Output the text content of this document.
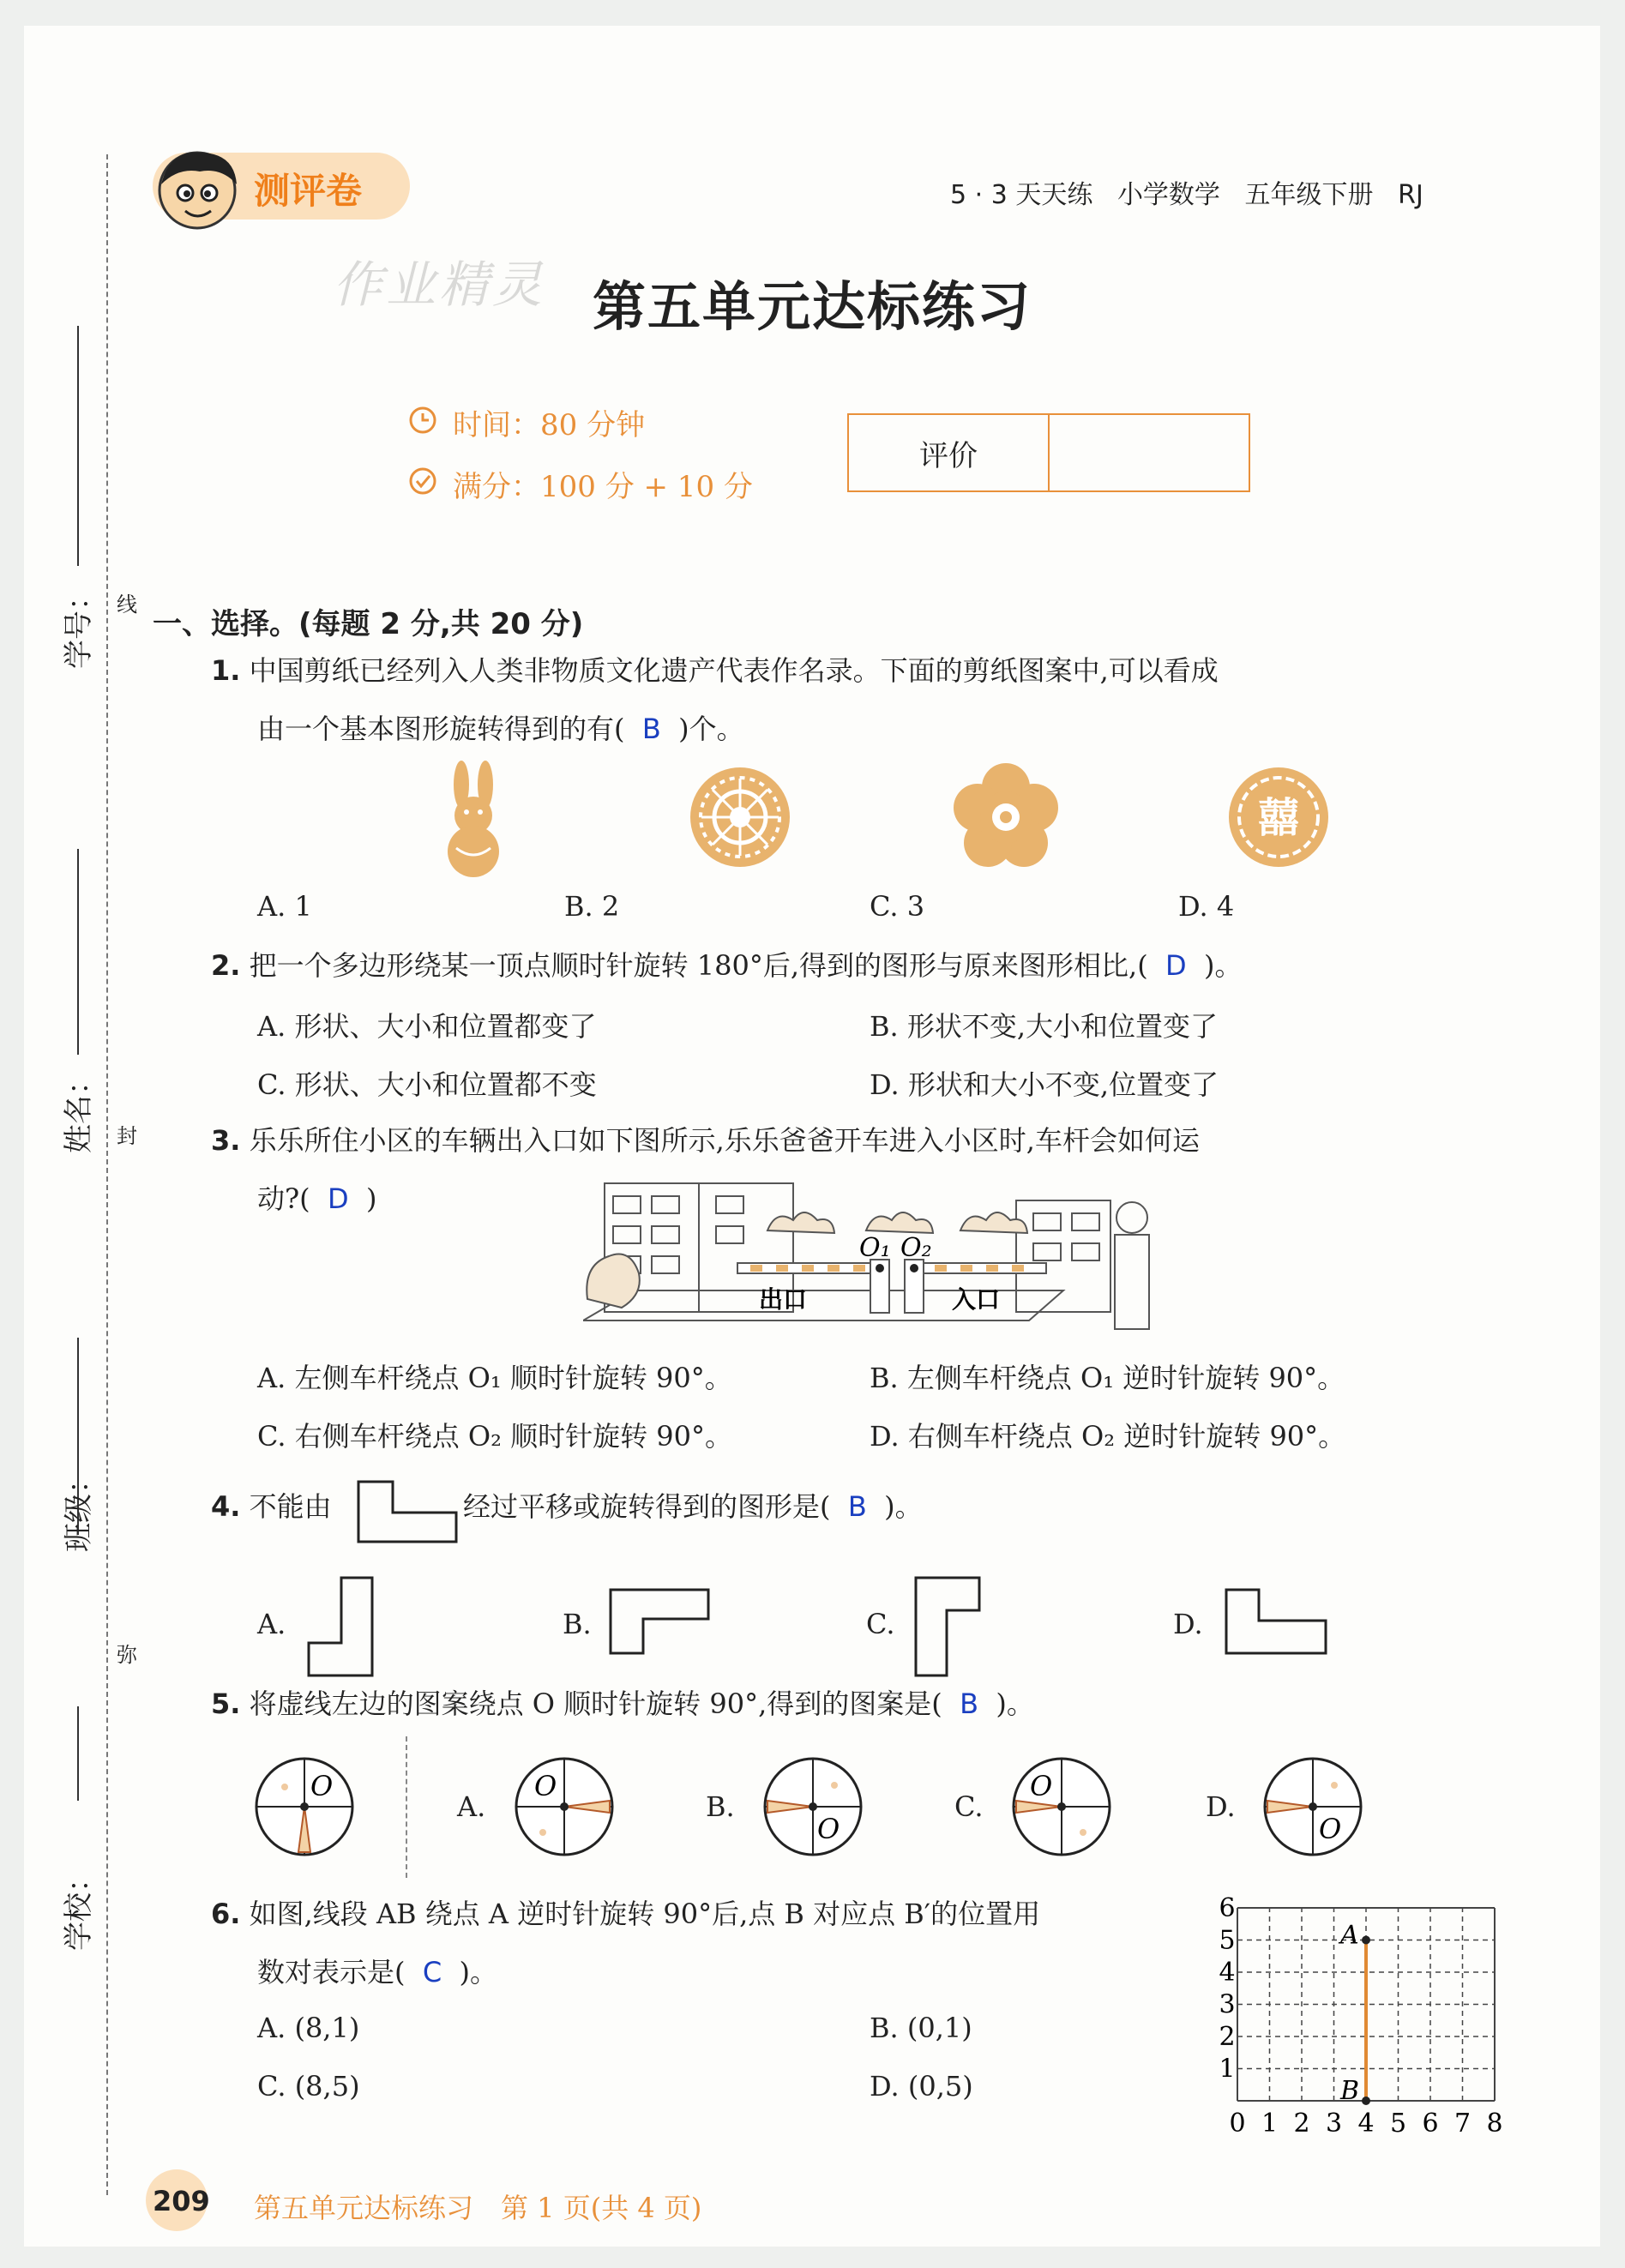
线
封
弥
学号：
姓名：
班级：
学校：
测评卷
作业精灵
5 · 3 天天练 小学数学 五年级下册 RJ
第五单元达标练习
时间：80 分钟
满分：100 分 + 10 分
评价
一、选择。(每题 2 分,共 20 分)
1. 中国剪纸已经列入人类非物质文化遗产代表作名录。下面的剪纸图案中,可以看成
由一个基本图形旋转得到的有( B )个。
囍
A. 1	B. 2	C. 3	D. 4
2. 把一个多边形绕某一顶点顺时针旋转 180°后,得到的图形与原来图形相比,( D )。
A. 形状、大小和位置都变了	B. 形状不变,大小和位置变了
C. 形状、大小和位置都不变	D. 形状和大小不变,位置变了
3. 乐乐所住小区的车辆出入口如下图所示,乐乐爸爸开车进入小区时,车杆会如何运
动?( D )
O₁ O₂
出口	入口
A. 左侧车杆绕点 O₁ 顺时针旋转 90°。	B. 左侧车杆绕点 O₁ 逆时针旋转 90°。
C. 右侧车杆绕点 O₂ 顺时针旋转 90°。	D. 右侧车杆绕点 O₂ 逆时针旋转 90°。
4. 不能由	经过平移或旋转得到的图形是( B )。
A.	B.	C.	D.
5. 将虚线左边的图案绕点 O 顺时针旋转 90°,得到的图案是( B )。
O
A.
O
B.
O
C.
O
D.
O
6. 如图,线段 AB 绕点 A 逆时针旋转 90°后,点 B 对应点 B′的位置用
数对表示是( C )。
A. (8,1)	B. (0,1)
C. (8,5)	D. (0,5)
0 1 2 3 4 5 6 7 8
1
2
3
4
5
6
A
B
209 第五单元达标练习　第 1 页(共 4 页)
